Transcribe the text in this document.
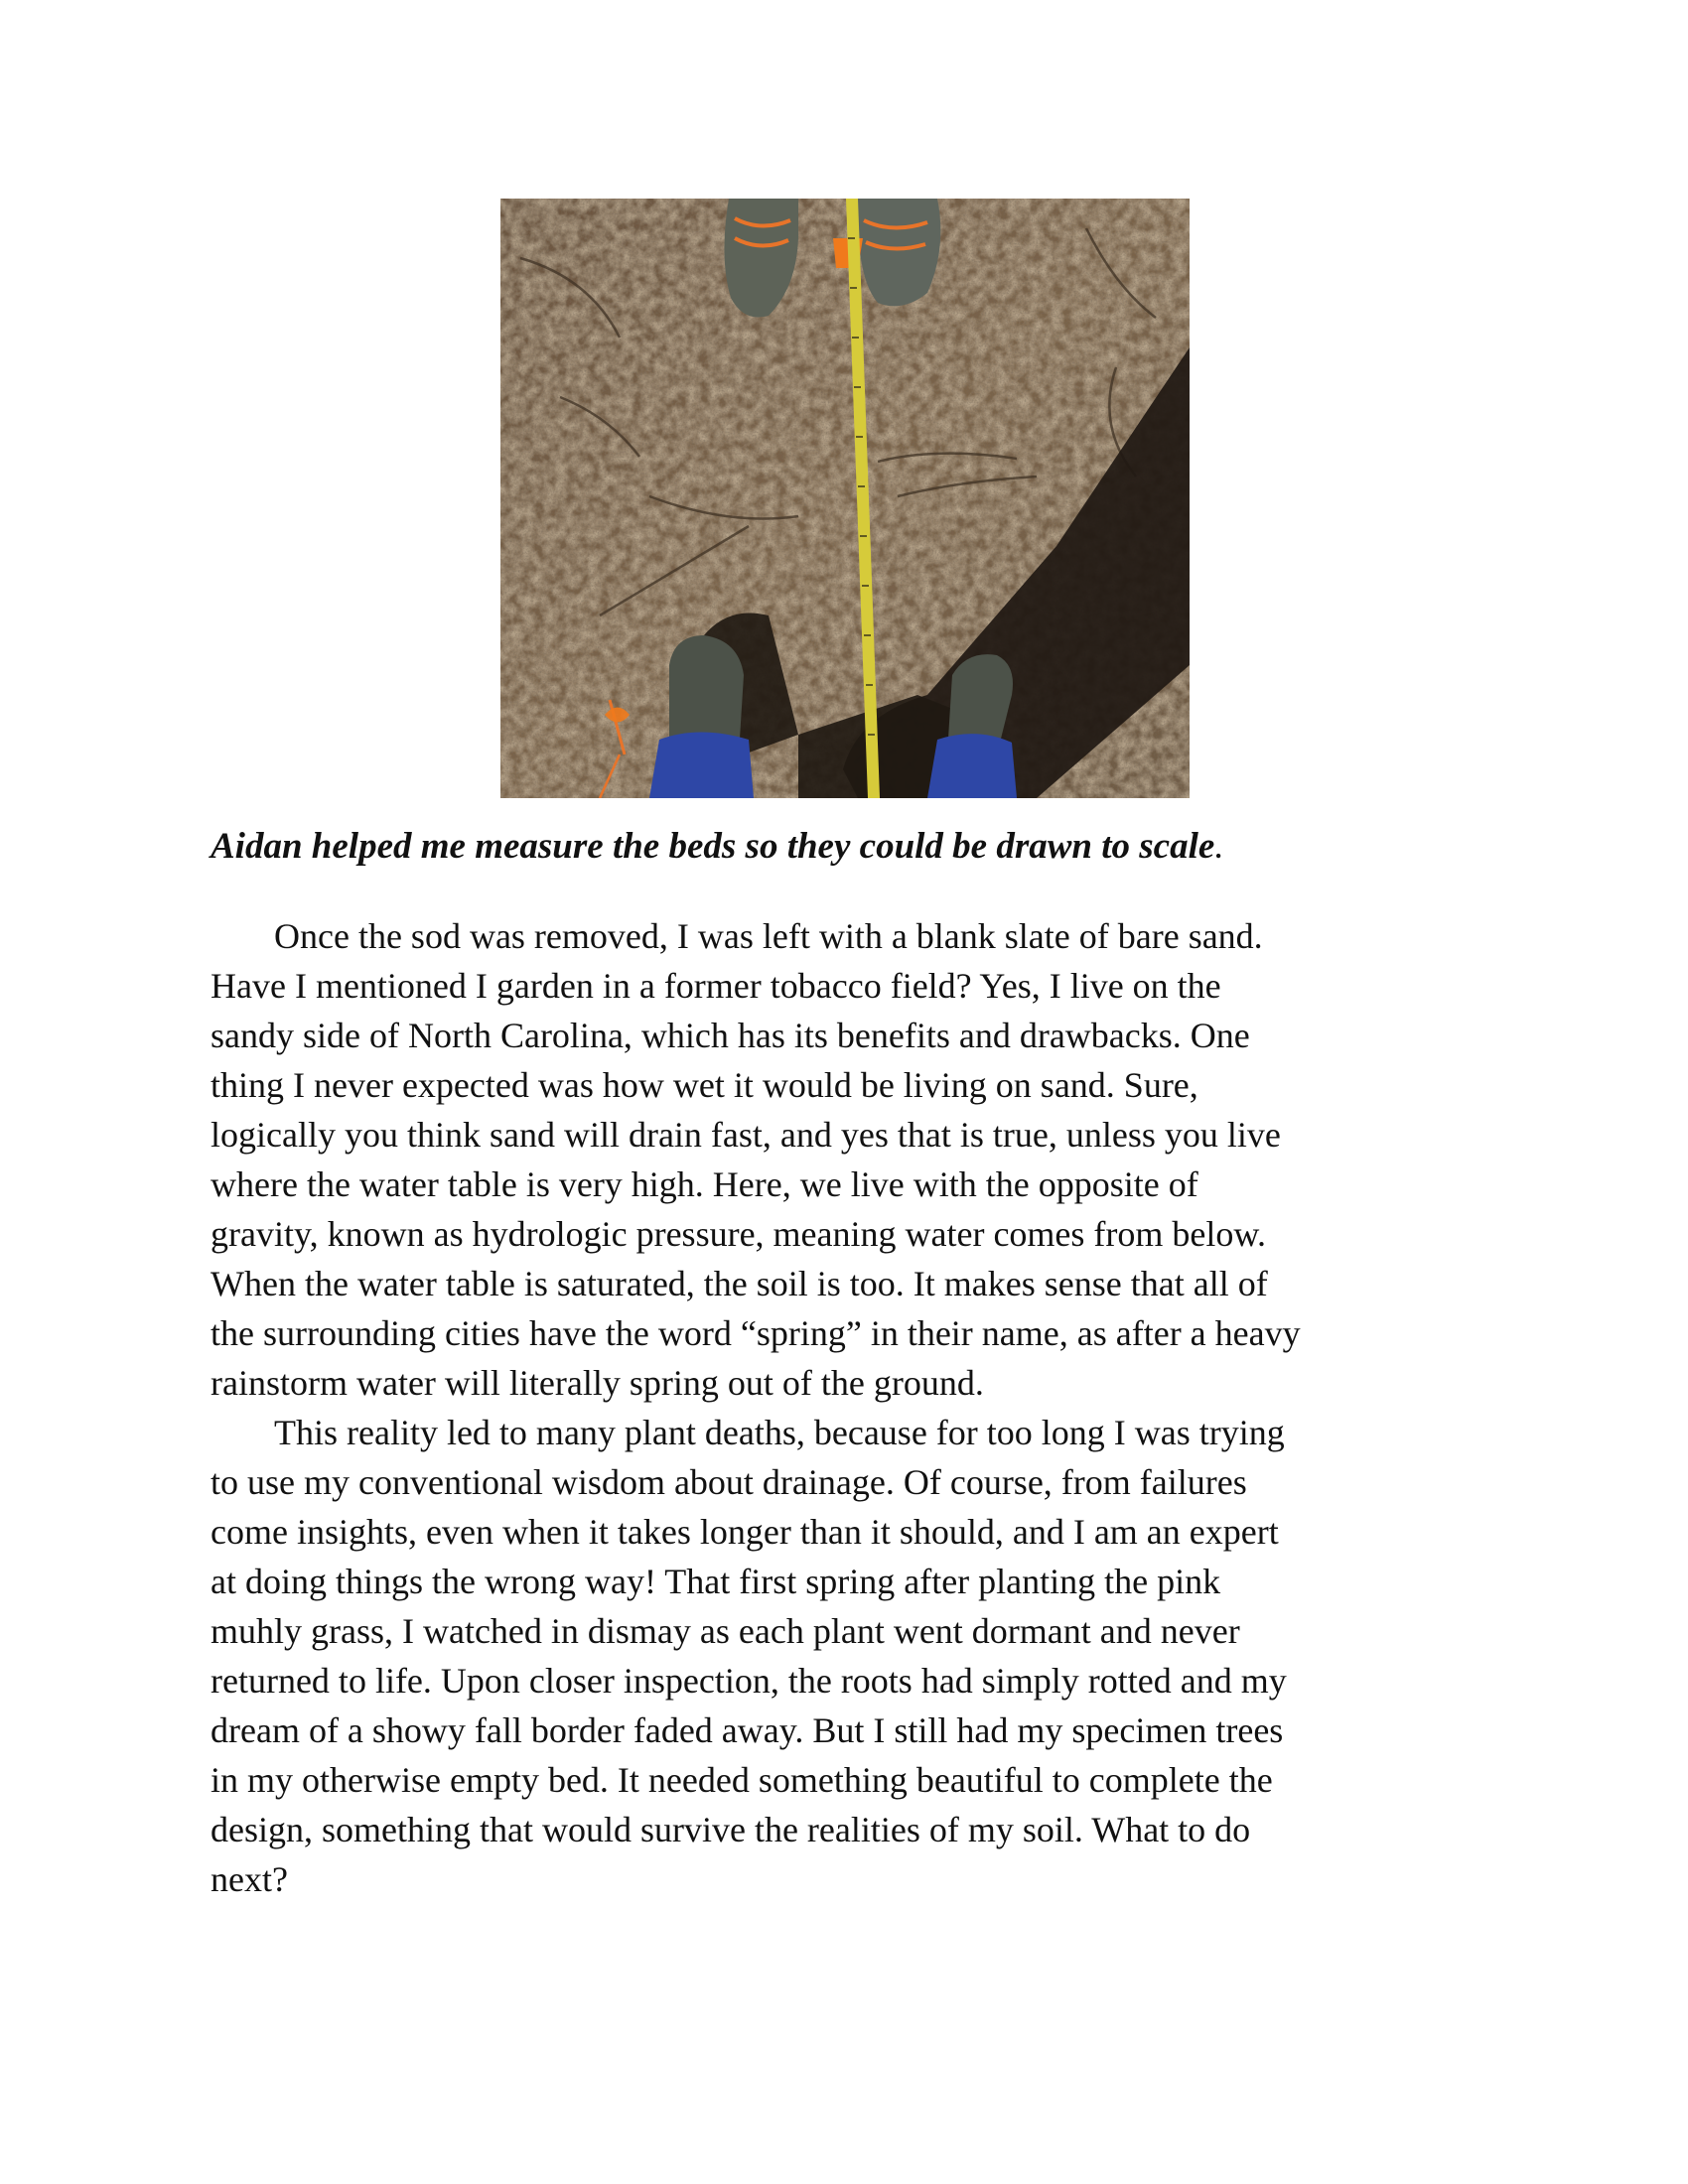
Aidan helped me measure the beds so they could be drawn to scale.

Once the sod was removed, I was left with a blank slate of bare sand.
Have I mentioned I garden in a former tobacco field? Yes, I live on the
sandy side of North Carolina, which has its benefits and drawbacks. One
thing I never expected was how wet it would be living on sand. Sure,
logically you think sand will drain fast, and yes that is true, unless you live
where the water table is very high. Here, we live with the opposite of
gravity, known as hydrologic pressure, meaning water comes from below.
When the water table is saturated, the soil is too. It makes sense that all of
the surrounding cities have the word “spring” in their name, as after a heavy
rainstorm water will literally spring out of the ground.

This reality led to many plant deaths, because for too long I was trying
to use my conventional wisdom about drainage. Of course, from failures
come insights, even when it takes longer than it should, and I am an expert
at doing things the wrong way! That first spring after planting the pink
muhly grass, I watched in dismay as each plant went dormant and never
returned to life. Upon closer inspection, the roots had simply rotted and my
dream of a showy fall border faded away. But I still had my specimen trees
in my otherwise empty bed. It needed something beautiful to complete the
design, something that would survive the realities of my soil. What to do
next?
